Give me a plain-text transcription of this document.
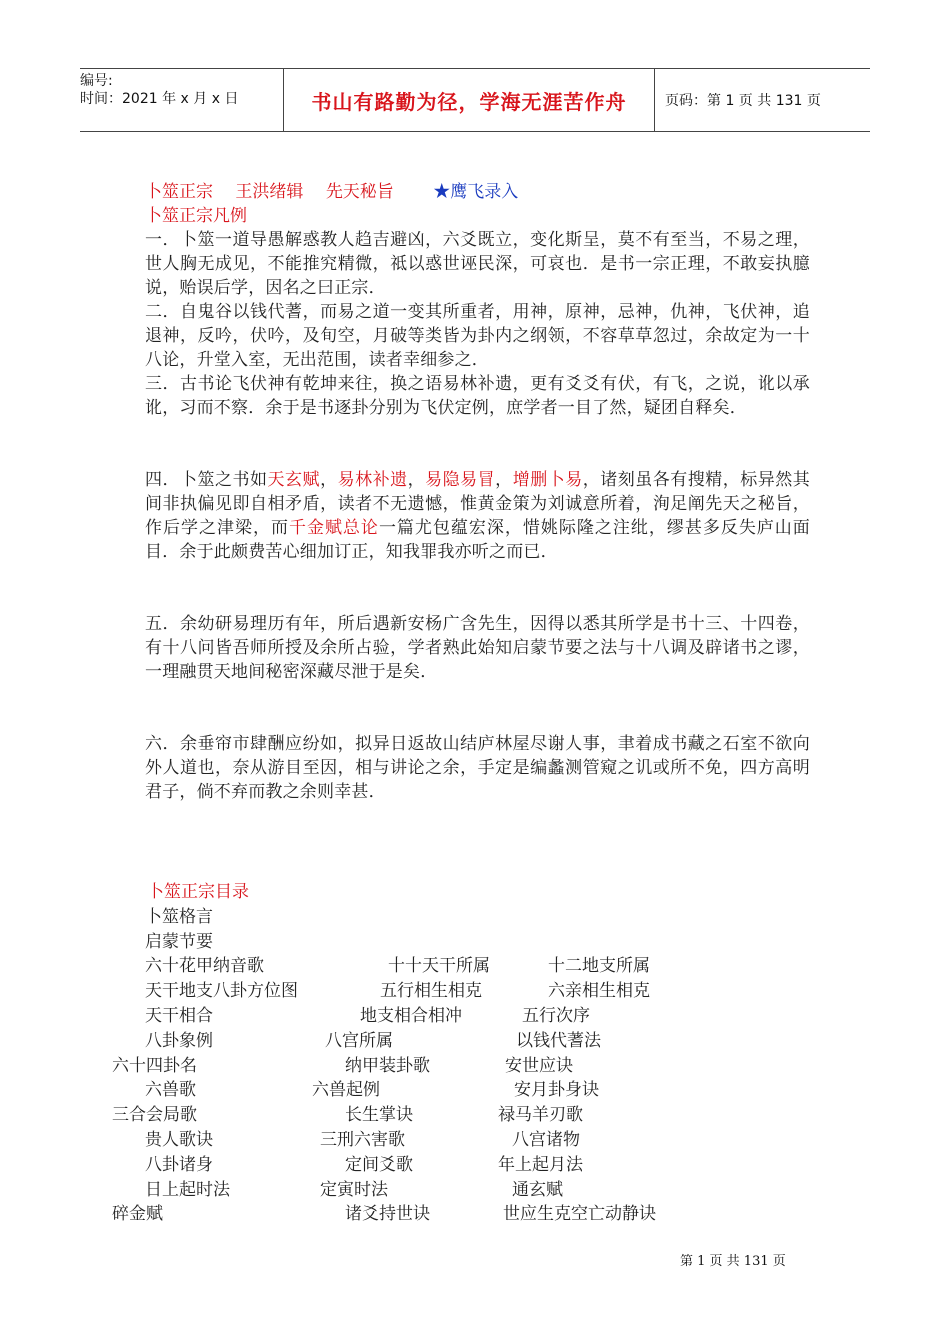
编号:
时间：2021 年 x 月 x 日	书山有路勤为径，学海无涯苦作舟	页码：第 1 页 共 131 页
卜筮正宗　 王洪绪辑　 先天秘旨　　 ★鹰飞录入
卜筮正宗凡例

一．卜筮一道导愚解惑教人趋吉避凶，六爻既立，变化斯呈，莫不有至当，不易之理，世人胸无成见，不能推究精微，祗以惑世诬民深，可哀也．是书一宗正理，不敢妄执臆说，贻误后学，因名之曰正宗．

二．自鬼谷以钱代蓍，而易之道一变其所重者，用神，原神，忌神，仇神，飞伏神，追退神，反吟，伏吟，及旬空，月破等类皆为卦内之纲领，不容草草忽过，余故定为一十八论，升堂入室，无出范围，读者幸细参之．

三．古书论飞伏神有乾坤来往，换之语易林补遗，更有爻爻有伏，有飞，之说，讹以承讹，习而不察．余于是书逐卦分别为飞伏定例，庶学者一目了然，疑团自释矣．

四．卜筮之书如天玄赋，易林补遗，易隐易冒，增删卜易，诸刻虽各有搜精，标异然其间非执偏见即自相矛盾，读者不无遗憾，惟黄金策为刘诚意所着，洵足阐先天之秘旨，作后学之津梁，而千金赋总论一篇尤包蕴宏深，惜姚际隆之注纰，缪甚多反失庐山面目．余于此颇费苦心细加订正，知我罪我亦听之而已．

五．余幼研易理历有年，所后遇新安杨广含先生，因得以悉其所学是书十三、十四卷，有十八问皆吾师所授及余所占验，学者熟此始知启蒙节要之法与十八调及辟诸书之谬，一理融贯天地间秘密深藏尽泄于是矣．

六．余垂帘市肆酬应纷如，拟异日返故山结庐林屋尽谢人事，聿着成书藏之石室不欲向外人道也，奈从游目至因，相与讲论之余，手定是编蠡测管窥之讥或所不免，四方高明君子，倘不弃而教之余则幸甚．

卜筮正宗目录
卜筮格言
启蒙节要
六十花甲纳音歌	十十天干所属	十二地支所属
天干地支八卦方位图	五行相生相克	六亲相生相克
天干相合	地支相合相冲	五行次序
八卦象例	八宫所属	以钱代蓍法
六十四卦名	纳甲装卦歌	安世应诀
六兽歌	六兽起例	安月卦身诀
三合会局歌	长生掌诀	禄马羊刃歌
贵人歌诀	三刑六害歌	八宫诸物
八卦诸身	定间爻歌	年上起月法
日上起时法	定寅时法	通玄赋
碎金赋	诸爻持世诀	世应生克空亡动静诀
第 1 页 共 131 页
